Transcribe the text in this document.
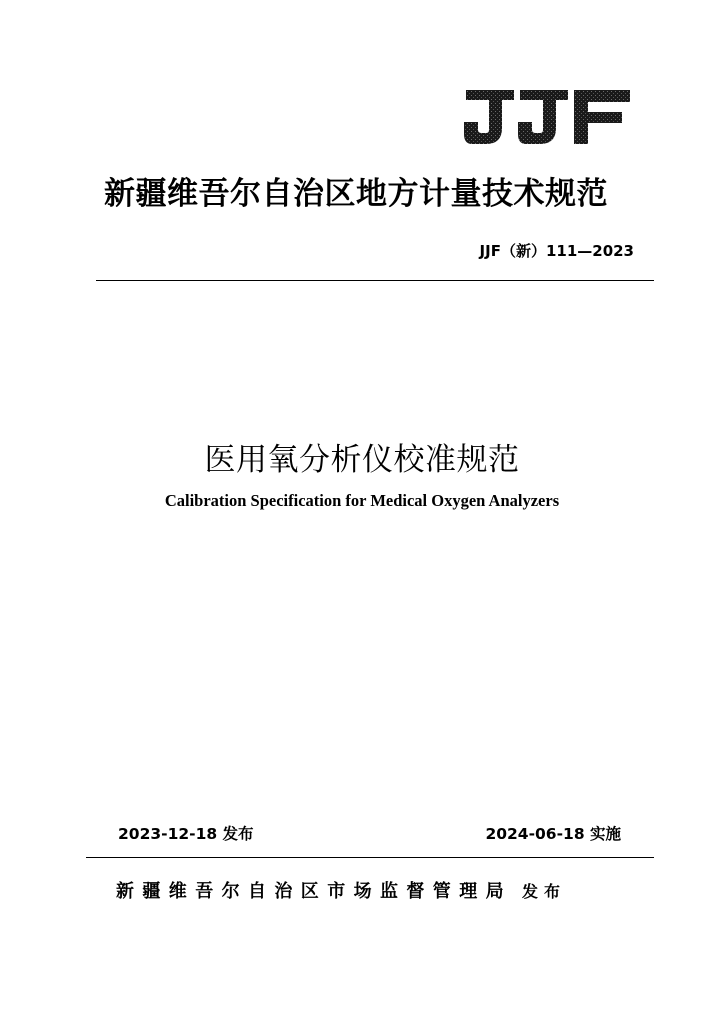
新疆维吾尔自治区地方计量技术规范
JJF（新）111—2023
医用氧分析仪校准规范
Calibration Specification for Medical Oxygen Analyzers
2023-12-18 发布	2024-06-18 实施
新疆维吾尔自治区市场监督管理局 发布
